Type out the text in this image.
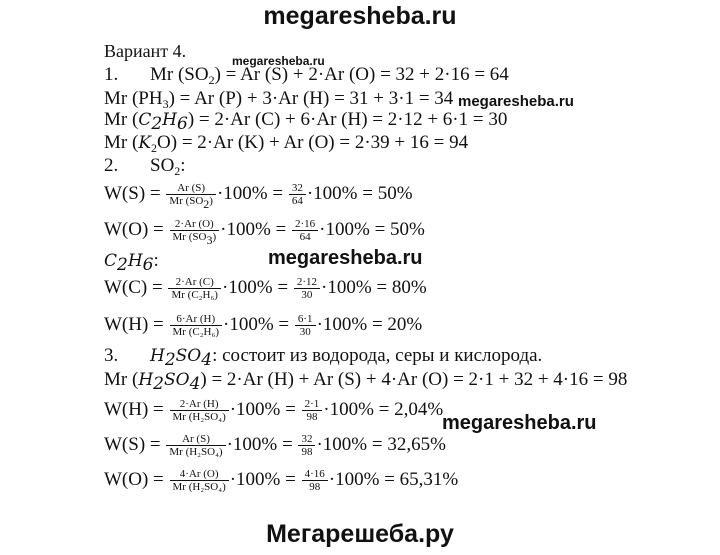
megaresheba.ru
megaresheba.ru
megaresheba.ru
megaresheba.ru
megaresheba.ru
Вариант 4.
1. Mr $(SO_2) = Ar$ (S) + 2·Ar (O) = 32 + 2·16 = 64
Mr $(PH_3) = Ar$ (P) + 3·Ar (H) = 31 + 3·1 = 34
Mr $(C_2H_6) = 2\cdot Ar$ (C) + 6·Ar (H) = 2·12 + 6·1 = 30
Mr $(K_2O) = 2\cdot Ar$ (K) + Ar (O) = 2·39 + 16 = 94
2. $SO_2$:
$W(S) = \frac{Ar (S)}{Mr (SO_2)} \cdot 100\% = \frac{32}{64} \cdot 100\% = 50\%$
$W(O) = \frac{2\cdot Ar (O)}{Mr (SO_3)} \cdot 100\% = \frac{2\cdot 16}{64} \cdot 100\% = 50\%$
$C_2H_6$:
$W(C) = \frac{2\cdot Ar (C)}{\text{Mr (C₂H₆)}} \cdot 100\% = \frac{2\cdot 12}{30} \cdot 100\% = 80\%$
$W(H) = \frac{6\cdot Ar (H)}{\text{Mr (C₂H₆)}} \cdot 100\% = \frac{6\cdot 1}{30} \cdot 100\% = 20\%$
3. $H_2SO_4$: состоит из водорода, серы и кислорода.
Mr $(H_2SO_4) = 2\cdot Ar$ (H) + Ar (S) + 4·Ar (O) = 2·1 + 32 + 4·16 = 98
$W(H) = \frac{2\cdot Ar (H)}{\text{Mr (H₂SO₄)}} \cdot 100\% = \frac{2\cdot 1}{98} \cdot 100\% = 2,04\%$
$W(S) = \frac{Ar (S)}{\text{Mr (H₂SO₄)}} \cdot 100\% = \frac{32}{98} \cdot 100\% = 32,65\%$
$W(O) = \frac{4\cdot Ar (O)}{\text{Mr (H₂SO₄)}} \cdot 100\% = \frac{4\cdot 16}{98} \cdot 100\% = 65,31\%$
Мегарешеба.ру
